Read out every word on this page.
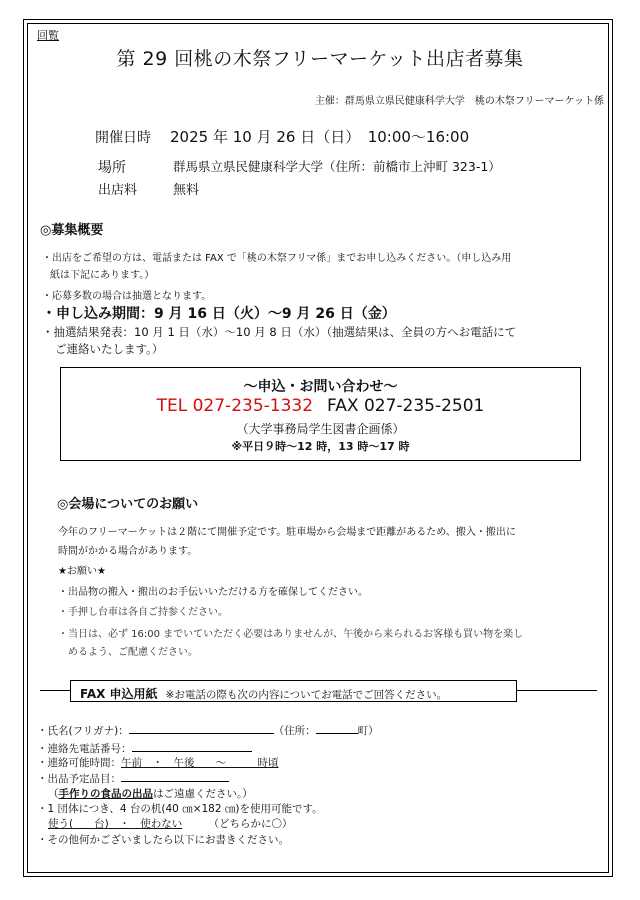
回覧
第 29 回桃の木祭フリーマーケット出店者募集
主催：群馬県立県民健康科学大学　桃の木祭フリーマーケット係
開催日時 2025 年 10 月 26 日（日）　10:00〜16:00
場所	群馬県立県民健康科学大学（住所：前橋市上沖町 323-1）
出店料	無料
◎募集概要
・出店をご希望の方は、電話または FAX で「桃の木祭フリマ係」までお申し込みください。（申し込み用
紙は下記にあります。）
・応募多数の場合は抽選となります。
・申し込み期間：9 月 16 日（火）〜9 月 26 日（金）
・抽選結果発表：10 月 1 日（水）〜10 月 8 日（水）（抽選結果は、全員の方へお電話にて
ご連絡いたします。）
〜申込・お問い合わせ〜
TEL 027-235-1332 FAX 027-235-2501
（大学事務局学生図書企画係）
※平日９時〜12 時，13 時〜17 時
◎会場についてのお願い
今年のフリーマーケットは２階にて開催予定です。駐車場から会場まで距離があるため、搬入・搬出に
時間がかかる場合があります。
★お願い★
・出品物の搬入・搬出のお手伝いいただける方を確保してください。
・手押し台車は各自ご持参ください。
・当日は、必ず 16:00 までいていただく必要はありませんが、午後から来られるお客様も買い物を楽し
めるよう、ご配慮ください。
FAX 申込用紙 ※お電話の際も次の内容についてお電話でご回答ください。
・氏名(フリガナ)：	（住所：	町）
・連絡先電話番号：
・連絡可能時間：午前　 ・　 午後　　 〜　　　	時頃
・出品予定品目：
（手作りの食品の出品はご遠慮ください。）
・1 団体につき、4 台の机(40 ㎝×182 ㎝)を使用可能です。
使う(　　 台)　 ・　 使わない　　　	（どちらかに〇）
・その他何かございましたら以下にお書きください。
